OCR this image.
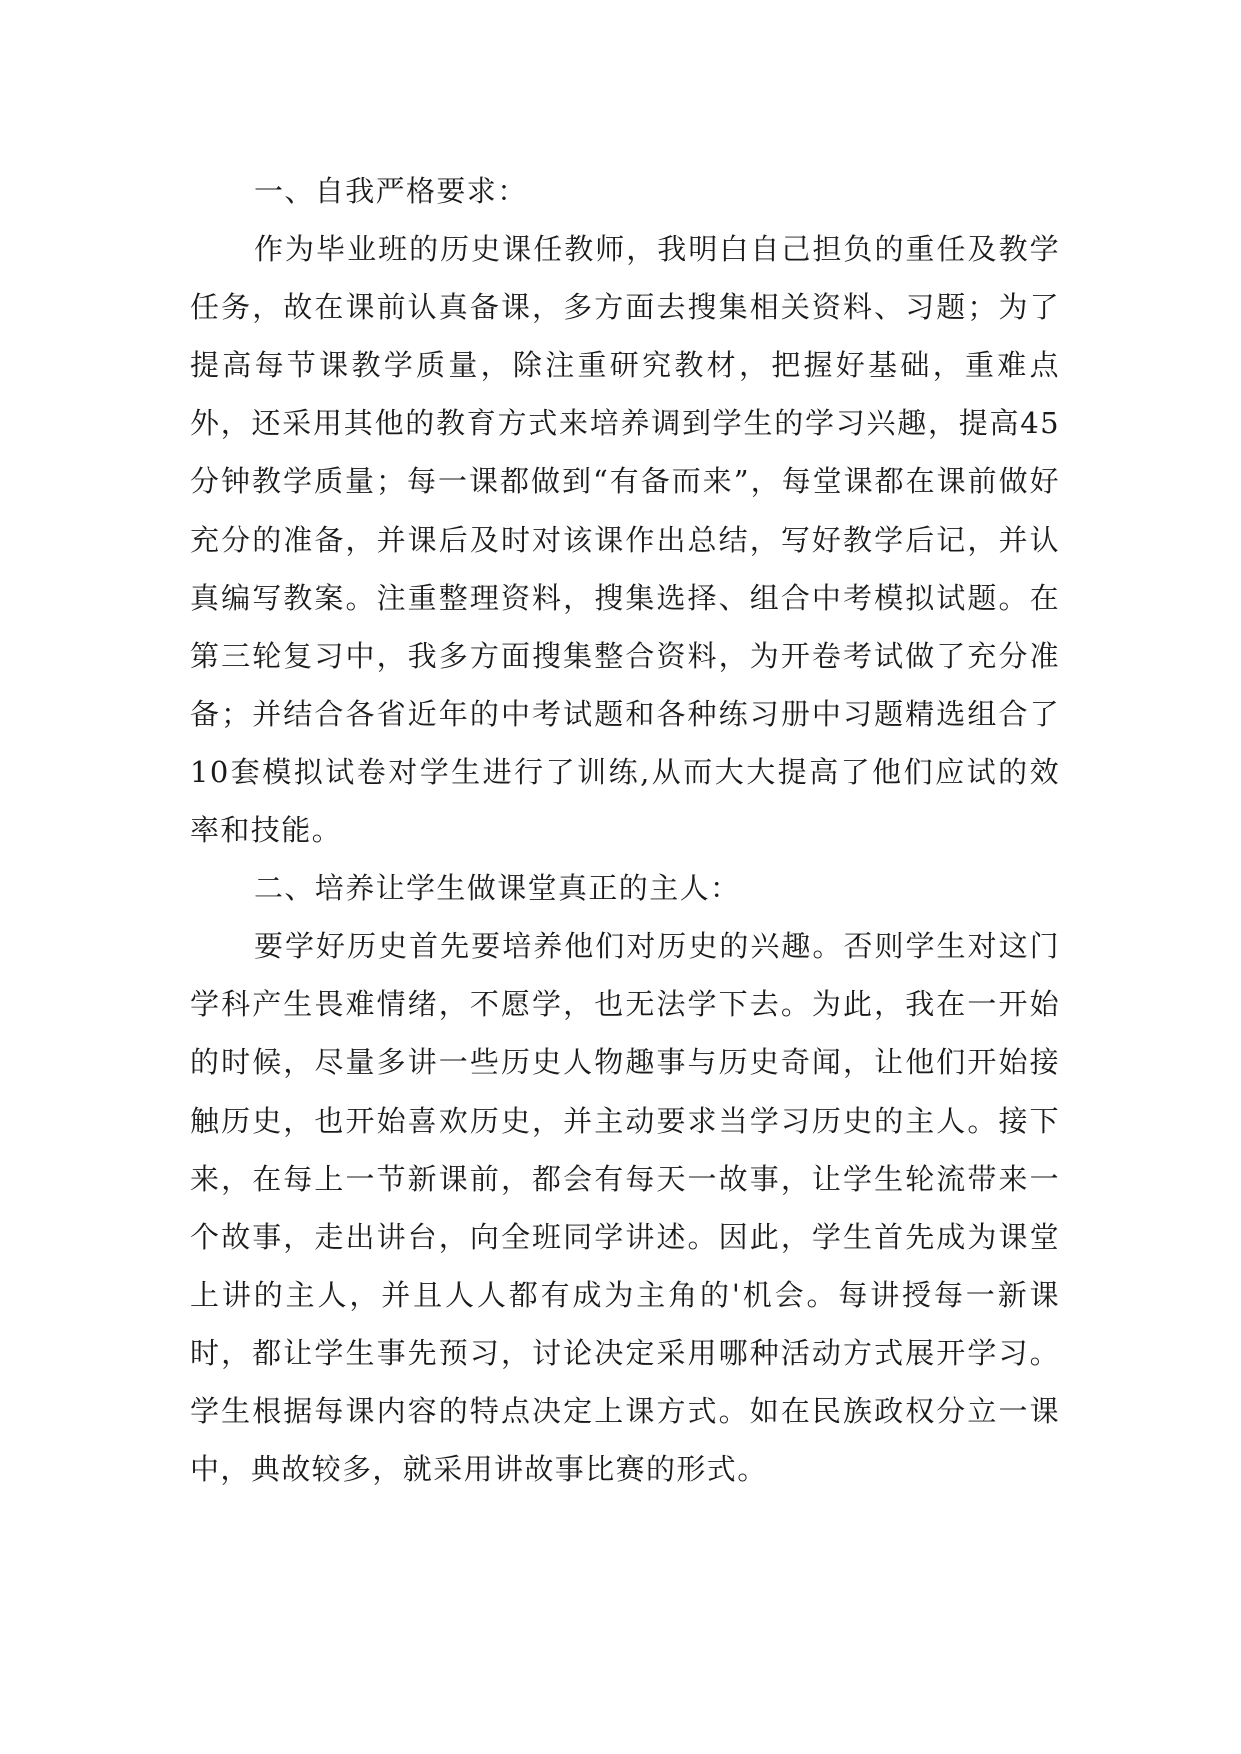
一、自我严格要求：

作为毕业班的历史课任教师，我明白自己担负的重任及教学任务，故在课前认真备课，多方面去搜集相关资料、习题；为了提高每节课教学质量，除注重研究教材，把握好基础，重难点外，还采用其他的教育方式来培养调到学生的学习兴趣，提高45分钟教学质量；每一课都做到“有备而来”，每堂课都在课前做好充分的准备，并课后及时对该课作出总结，写好教学后记，并认真编写教案。注重整理资料，搜集选择、组合中考模拟试题。在第三轮复习中，我多方面搜集整合资料，为开卷考试做了充分准备；并结合各省近年的中考试题和各种练习册中习题精选组合了10套模拟试卷对学生进行了训练,从而大大提高了他们应试的效率和技能。

二、培养让学生做课堂真正的主人：

要学好历史首先要培养他们对历史的兴趣。否则学生对这门学科产生畏难情绪，不愿学，也无法学下去。为此，我在一开始的时候，尽量多讲一些历史人物趣事与历史奇闻，让他们开始接触历史，也开始喜欢历史，并主动要求当学习历史的主人。接下来，在每上一节新课前，都会有每天一故事，让学生轮流带来一个故事，走出讲台，向全班同学讲述。因此，学生首先成为课堂上讲的主人，并且人人都有成为主角的'机会。每讲授每一新课时，都让学生事先预习，讨论决定采用哪种活动方式展开学习。学生根据每课内容的特点决定上课方式。如在民族政权分立一课中，典故较多，就采用讲故事比赛的形式。
